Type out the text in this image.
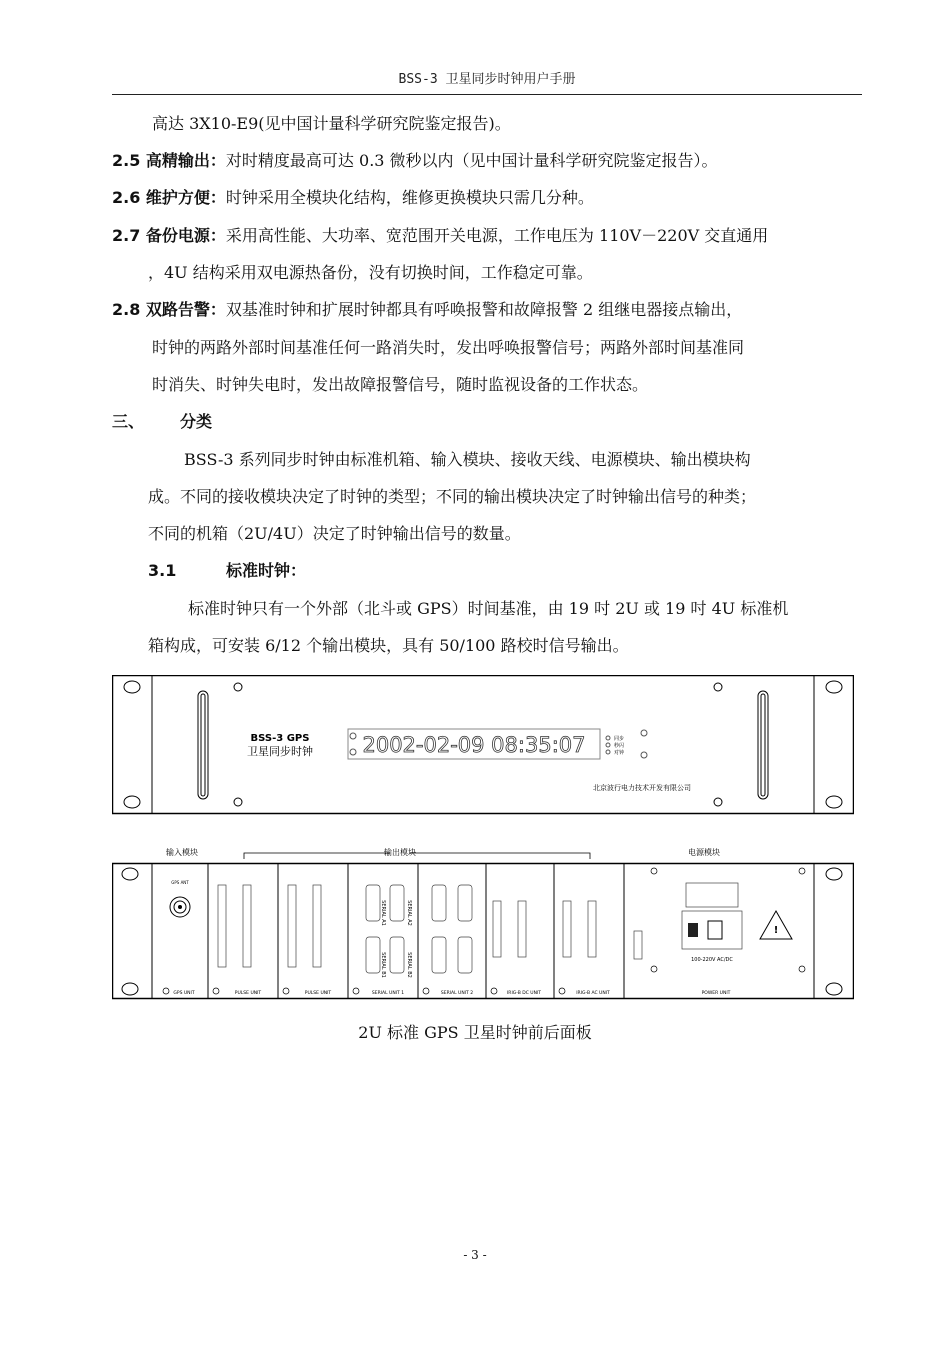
BSS-3 卫星同步时钟用户手册
高达 3X10-E9(见中国计量科学研究院鉴定报告)。
2.5 高精输出：对时精度最高可达 0.3 微秒以内（见中国计量科学研究院鉴定报告）。
2.6 维护方便：时钟采用全模块化结构，维修更换模块只需几分种。
2.7 备份电源：采用高性能、大功率、宽范围开关电源，工作电压为 110V－220V 交直通用
，4U 结构采用双电源热备份，没有切换时间，工作稳定可靠。
2.8 双路告警：双基准时钟和扩展时钟都具有呼唤报警和故障报警 2 组继电器接点输出，
时钟的两路外部时间基准任何一路消失时，发出呼唤报警信号；两路外部时间基准同
时消失、时钟失电时，发出故障报警信号，随时监视设备的工作状态。
三、 分类
BSS-3 系列同步时钟由标准机箱、输入模块、接收天线、电源模块、输出模块构
成。不同的接收模块决定了时钟的类型；不同的输出模块决定了时钟输出信号的种类；
不同的机箱（2U/4U）决定了时钟输出信号的数量。
3.1	标准时钟：
标准时钟只有一个外部（北斗或 GPS）时间基准，由 19 吋 2U 或 19 吋 4U 标准机
箱构成，可安装 6/12 个输出模块，具有 50/100 路校时信号输出。
BSS-3 GPS
卫星同步时钟 2002-02-09 08:35:07	同步
秒闪
对钟
北京波行电力技术开发有限公司
输入模块	输出模块	电源模块
GPS ANT
!
100-220V AC/DC
SERIAL A1	SERIAL A2
SERIAL B1	SERIAL B2
GPS UNIT	PULSE UNIT	PULSE UNIT	SERIAL UNIT 1	SERIAL UNIT 2	IRIG-B DC UNIT	IRIG-B AC UNIT	POWER UNIT
2U 标准 GPS 卫星时钟前后面板
- 3 -
